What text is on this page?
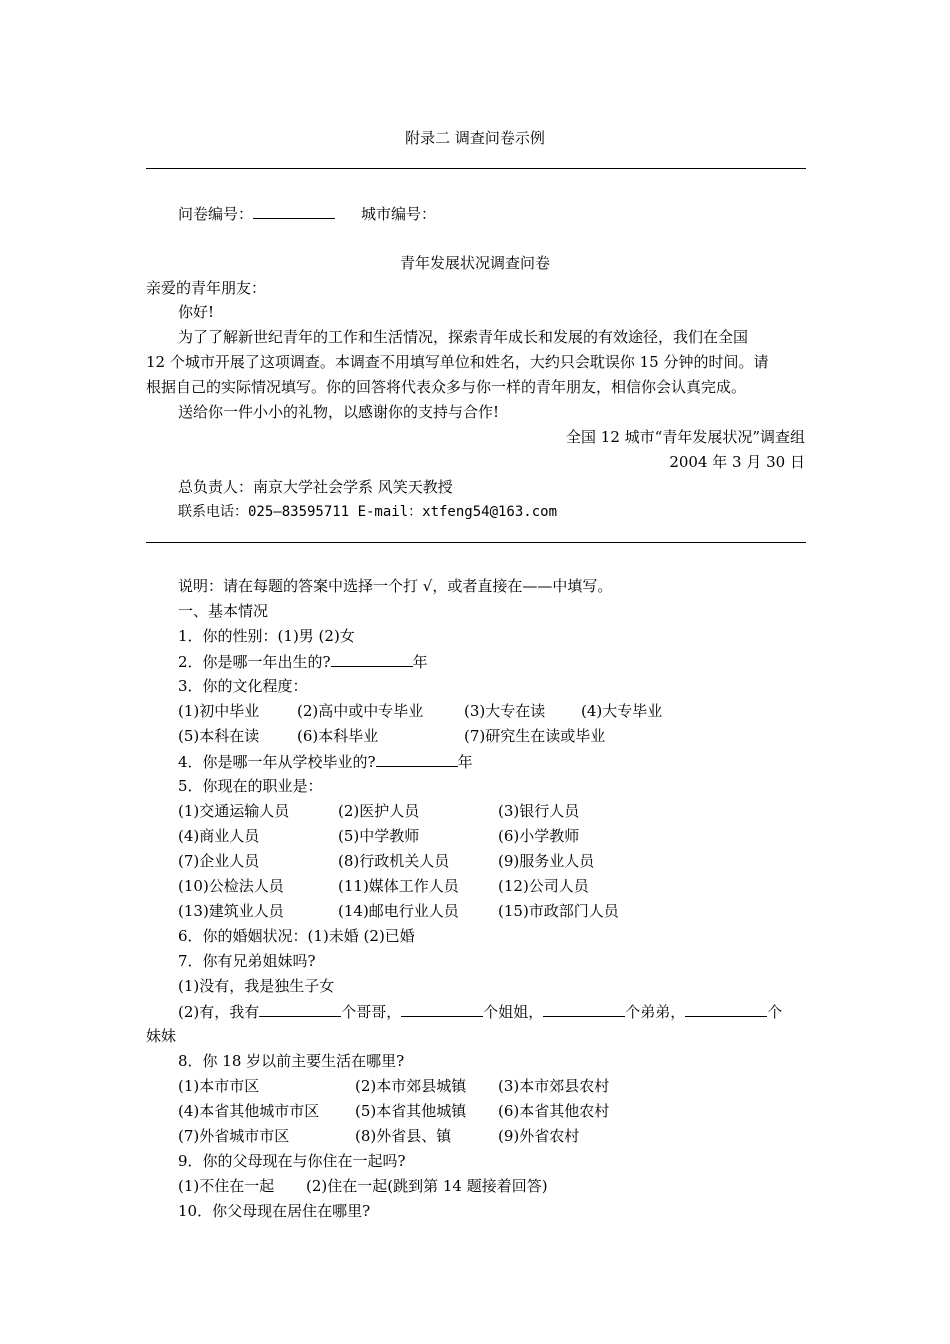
附录二 调查问卷示例
问卷编号：	城市编号：
青年发展状况调查问卷
亲爱的青年朋友：
你好!
为了了解新世纪青年的工作和生活情况，探索青年成长和发展的有效途径，我们在全国
12 个城市开展了这项调查。本调查不用填写单位和姓名，大约只会耽误你 15 分钟的时间。请
根据自己的实际情况填写。你的回答将代表众多与你一样的青年朋友，相信你会认真完成。
送给你一件小小的礼物，以感谢你的支持与合作!
全国 12 城市“青年发展状况”调查组
2004 年 3 月 30 日
总负责人：南京大学社会学系 风笑天教授
联系电话：025—83595711 E-mail：xtfeng54@163.com
说明：请在每题的答案中选择一个打 √，或者直接在——中填写。
一、基本情况
1．你的性别：(1)男 (2)女
2．你是哪一年出生的?	年
3．你的文化程度：
(1)初中毕业	(2)高中或中专毕业	(3)大专在读 (4)大专毕业
(5)本科在读	(6)本科毕业	(7)研究生在读或毕业
4．你是哪一年从学校毕业的?	年
5．你现在的职业是：
(1)交通运输人员	(2)医护人员	(3)银行人员
(4)商业人员	(5)中学教师	(6)小学教师
(7)企业人员	(8)行政机关人员	(9)服务业人员
(10)公检法人员	(11)媒体工作人员	(12)公司人员
(13)建筑业人员	(14)邮电行业人员	(15)市政部门人员
6．你的婚姻状况：(1)未婚 (2)已婚
7．你有兄弟姐妹吗?
(1)没有，我是独生子女
(2)有，我有	个哥哥，	个姐姐，	个弟弟，	个
妹妹
8．你 18 岁以前主要生活在哪里?
(1)本市市区	(2)本市郊县城镇 (3)本市郊县农村
(4)本省其他城市市区 (5)本省其他城镇 (6)本省其他农村
(7)外省城市市区	(8)外省县、镇	(9)外省农村
9．你的父母现在与你住在一起吗?
(1)不住在一起 (2)住在一起(跳到第 14 题接着回答)
10．你父母现在居住在哪里?
